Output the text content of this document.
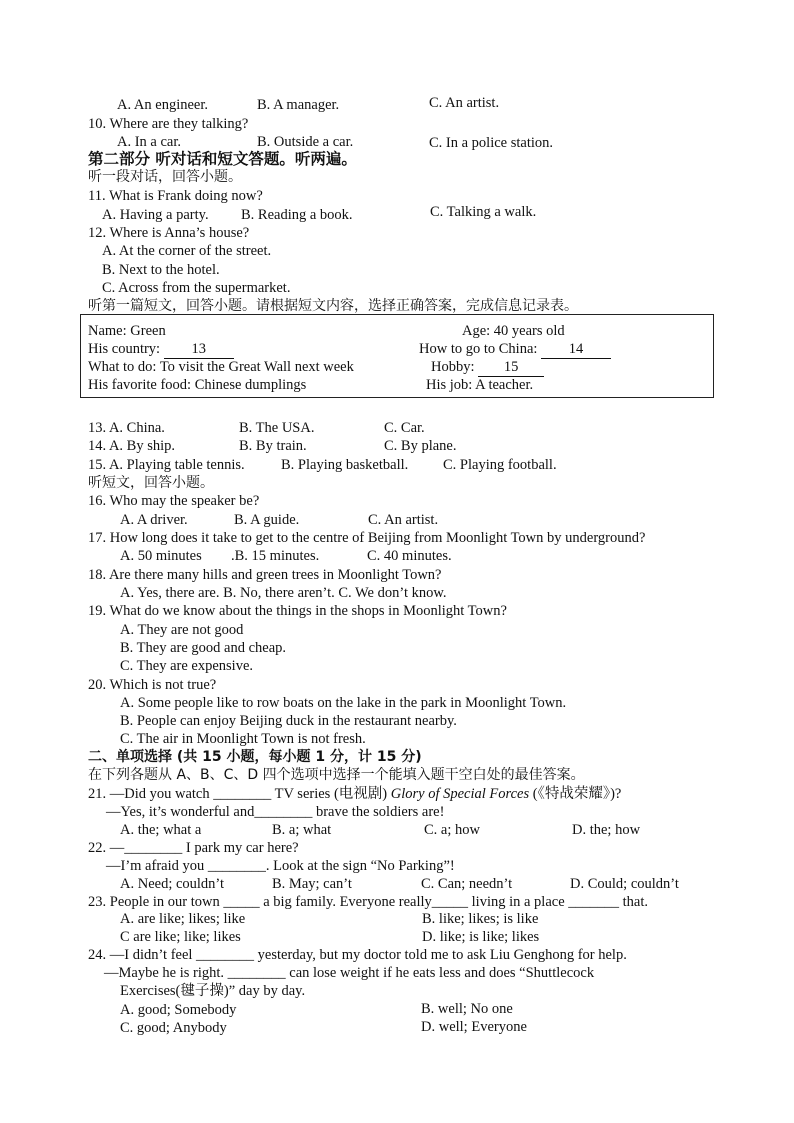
A. An engineer.	B. A manager.	C. An artist.
10. Where are they talking?
A. In a car.	B. Outside a car.	C. In a police station.
第二部分 听对话和短文答题。听两遍。
听一段对话，回答小题。
11. What is Frank doing now?
A. Having a party. B. Reading a book.	C. Talking a walk.
12. Where is Anna’s house?
A. At the corner of the street.
B. Next to the hotel.
C. Across from the supermarket.
听第一篇短文，回答小题。请根据短文内容，选择正确答案，完成信息记录表。
Name: Green	Age: 40 years old
His country: 13	How to go to China: 14
What to do: To visit the Great Wall next week	Hobby: 15
His favorite food: Chinese dumplings	His job: A teacher.
13. A. China.	B. The USA.	C. Car.
14. A. By ship.	B. By train.	C. By plane.
15. A. Playing table tennis.	B. Playing basketball. C. Playing football.
听短文，回答小题。
16. Who may the speaker be?
A. A driver.	B. A guide.	C. An artist.
17. How long does it take to get to the centre of Beijing from Moonlight Town by underground?
A. 50 minutes .B. 15 minutes.	C. 40 minutes.
18. Are there many hills and green trees in Moonlight Town?
A. Yes, there are. B. No, there aren’t. C. We don’t know.
19. What do we know about the things in the shops in Moonlight Town?
A. They are not good
B. They are good and cheap.
C. They are expensive.
20. Which is not true?
A. Some people like to row boats on the lake in the park in Moonlight Town.
B. People can enjoy Beijing duck in the restaurant nearby.
C. The air in Moonlight Town is not fresh.
二、单项选择 (共 15 小题，每小题 1 分，计 15 分)
在下列各题从 A、B、C、D 四个选项中选择一个能填入题干空白处的最佳答案。
21. —Did you watch ________ TV series (电视剧) Glory of Special Forces (《特战荣耀》)?
—Yes, it’s wonderful and________ brave the soldiers are!
A. the; what a	B. a; what	C. a; how	D. the; how
22. —________ I park my car here?
—I’m afraid you ________. Look at the sign “No Parking”!
A. Need; couldn’t	B. May; can’t	C. Can; needn’t	D. Could; couldn’t
23. People in our town _____ a big family. Everyone really_____ living in a place _______ that.
A. are like; likes; like	B. like; likes; is like
C are like; like; likes	D. like; is like; likes
24. —I didn’t feel ________ yesterday, but my doctor told me to ask Liu Genghong for help.
—Maybe he is right. ________ can lose weight if he eats less and does “Shuttlecock
Exercises(毽子操)” day by day.
A. good; Somebody	B. well; No one
C. good; Anybody	D. well; Everyone
